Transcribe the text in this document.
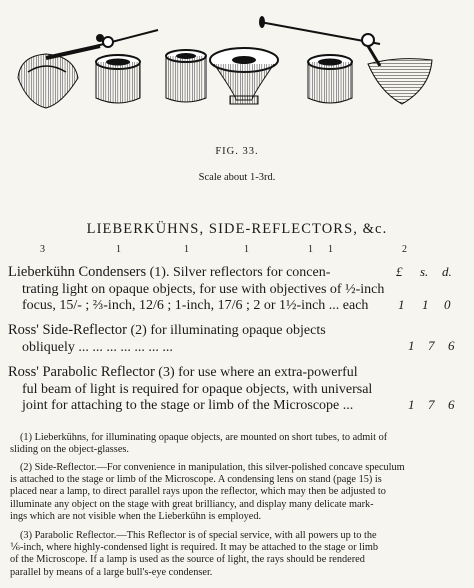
3	1	1	1	1 1	2
FIG. 33.
Scale about 1-3rd.
LIEBERKÜHNS, SIDE-REFLECTORS, &c.
£ s. d.
Lieberkühn Condensers (1). Silver reflectors for concen-
trating light on opaque objects, for use with objectives of ½-inch
focus, 15/- ; ⅔-inch, 12/6 ; 1-inch, 17/6 ; 2 or 1½-inch ... each	1 1 0
Ross' Side-Reflector (2) for illuminating opaque objects
obliquely ... ... ... ... ... ... ...	1 7 6
Ross' Parabolic Reflector (3) for use where an extra-powerful
ful beam of light is required for opaque objects, with universal
joint for attaching to the stage or limb of the Microscope ...	1 7 6
(1) Lieberkühns, for illuminating opaque objects, are mounted on short tubes, to admit of
sliding on the object-glasses.
(2) Side-Reflector.—For convenience in manipulation, this silver-polished concave speculum
is attached to the stage or limb of the Microscope. A condensing lens on stand (page 15) is
placed near a lamp, to direct parallel rays upon the reflector, which may then be adjusted to
illuminate any object on the stage with great brilliancy, and display many delicate mark-
ings which are not visible when the Lieberkühn is employed.
(3) Parabolic Reflector.—This Reflector is of special service, with all powers up to the
⅙-inch, where highly-condensed light is required. It may be attached to the stage or limb
of the Microscope. If a lamp is used as the source of light, the rays should be rendered
parallel by means of a large bull's-eye condenser.
